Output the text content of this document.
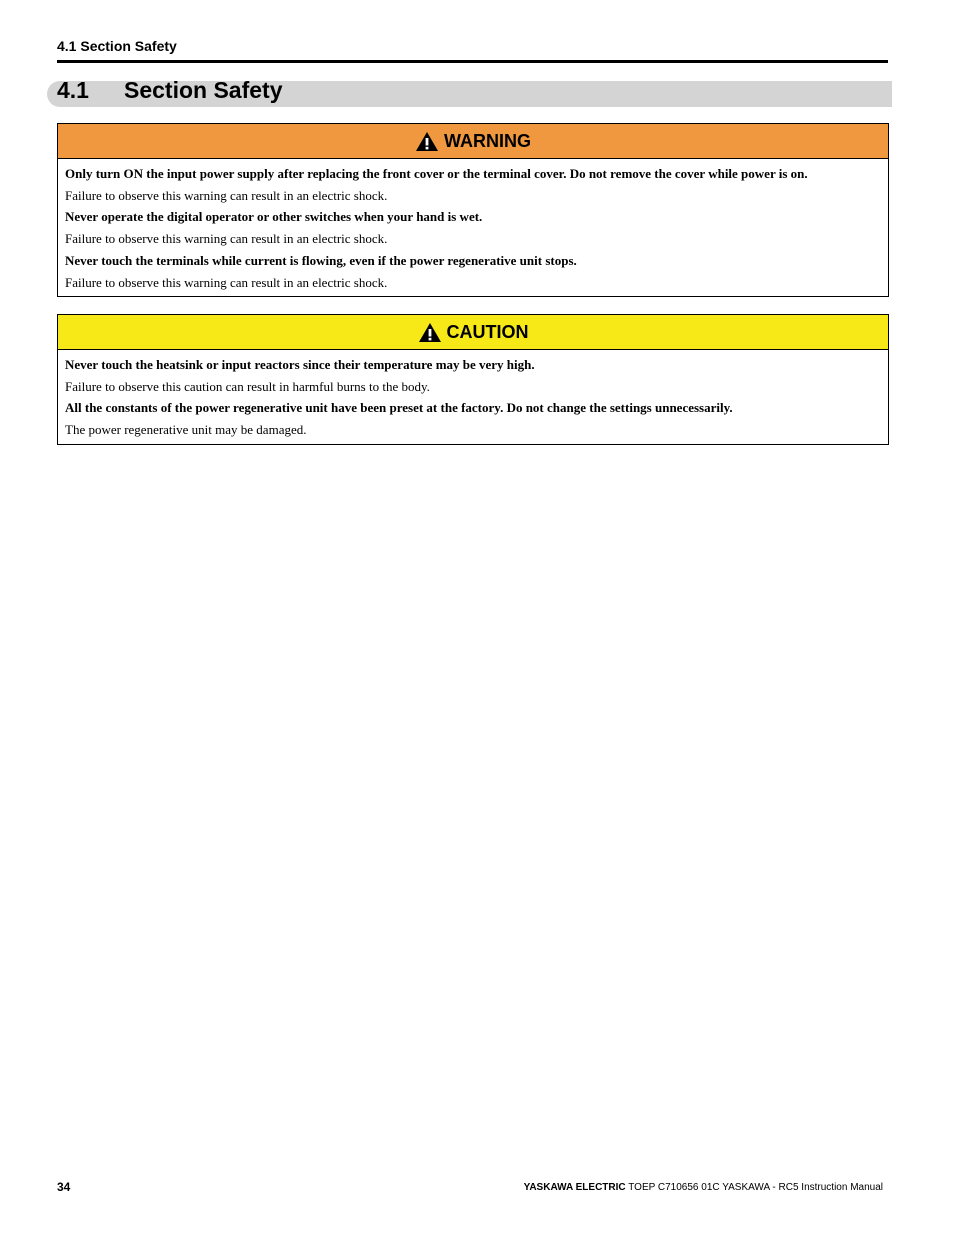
4.1 Section Safety
4.1 Section Safety
WARNING

Only turn ON the input power supply after replacing the front cover or the terminal cover. Do not remove the cover while power is on.

Failure to observe this warning can result in an electric shock.

Never operate the digital operator or other switches when your hand is wet.

Failure to observe this warning can result in an electric shock.

Never touch the terminals while current is flowing, even if the power regenerative unit stops.

Failure to observe this warning can result in an electric shock.

CAUTION

Never touch the heatsink or input reactors since their temperature may be very high.

Failure to observe this caution can result in harmful burns to the body.

All the constants of the power regenerative unit have been preset at the factory. Do not change the settings unnecessarily.

The power regenerative unit may be damaged.

34	YASKAWA ELECTRIC TOEP C710656 01C YASKAWA - RC5 Instruction Manual
